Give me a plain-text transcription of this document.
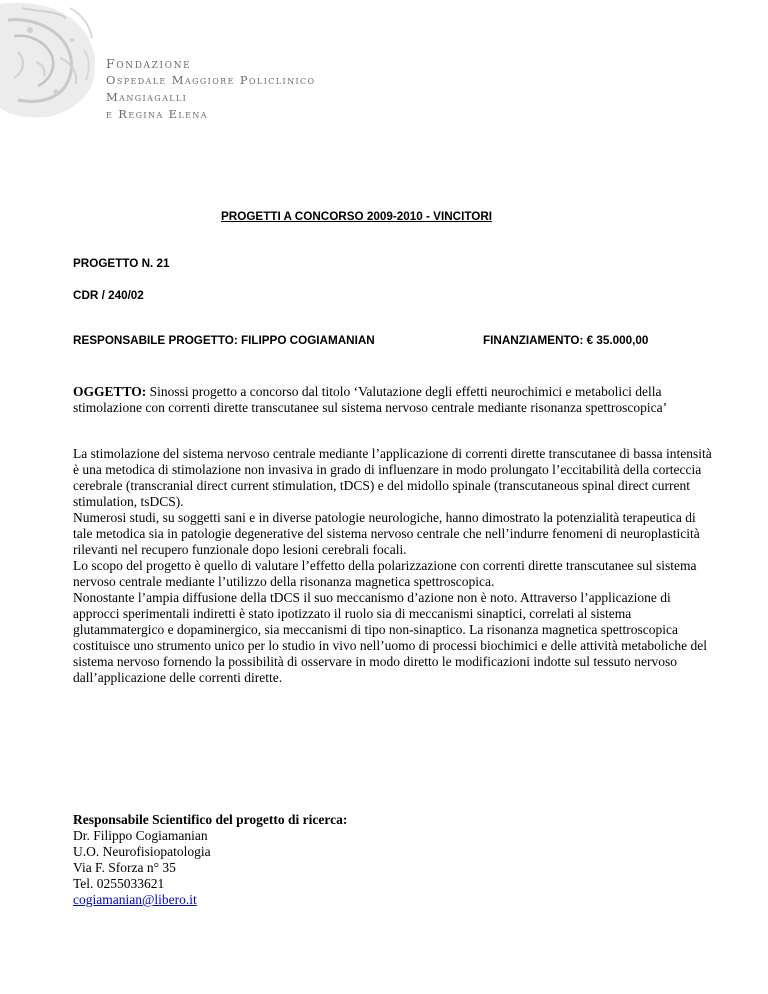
Fondazione
Ospedale Maggiore Policlinico
Mangiagalli
e Regina Elena
PROGETTI A CONCORSO 2009-2010 - VINCITORI
PROGETTO N. 21
CDR / 240/02
RESPONSABILE PROGETTO: FILIPPO COGIAMANIAN	FINANZIAMENTO: € 35.000,00
OGGETTO: Sinossi progetto a concorso dal titolo ‘Valutazione degli effetti neurochimici e metabolici della stimolazione con correnti dirette transcutanee sul sistema nervoso centrale mediante risonanza spettroscopica’

La stimolazione del sistema nervoso centrale mediante l’applicazione di correnti dirette transcutanee di bassa intensità è una metodica di stimolazione non invasiva in grado di influenzare in modo prolungato l’eccitabilità della corteccia cerebrale (transcranial direct current stimulation, tDCS) e del midollo spinale (transcutaneous spinal direct current stimulation, tsDCS).

Numerosi studi, su soggetti sani e in diverse patologie neurologiche, hanno dimostrato la potenzialità terapeutica di tale metodica sia in patologie degenerative del sistema nervoso centrale che nell’indurre fenomeni di neuroplasticità rilevanti nel recupero funzionale dopo lesioni cerebrali focali.

Lo scopo del progetto è quello di valutare l’effetto della polarizzazione con correnti dirette transcutanee sul sistema nervoso centrale mediante l’utilizzo della risonanza magnetica spettroscopica.

Nonostante l’ampia diffusione della tDCS il suo meccanismo d’azione non è noto. Attraverso l’applicazione di approcci sperimentali indiretti è stato ipotizzato il ruolo sia di meccanismi sinaptici, correlati al sistema glutammatergico e dopaminergico, sia meccanismi di tipo non-sinaptico. La risonanza magnetica spettroscopica costituisce uno strumento unico per lo studio in vivo nell’uomo di processi biochimici e delle attività metaboliche del sistema nervoso fornendo la possibilità di osservare in modo diretto le modificazioni indotte sul tessuto nervoso dall’applicazione delle correnti dirette.

Responsabile Scientifico del progetto di ricerca:
Dr. Filippo Cogiamanian
U.O. Neurofisiopatologia
Via F. Sforza n° 35
Tel. 0255033621
cogiamanian@libero.it
